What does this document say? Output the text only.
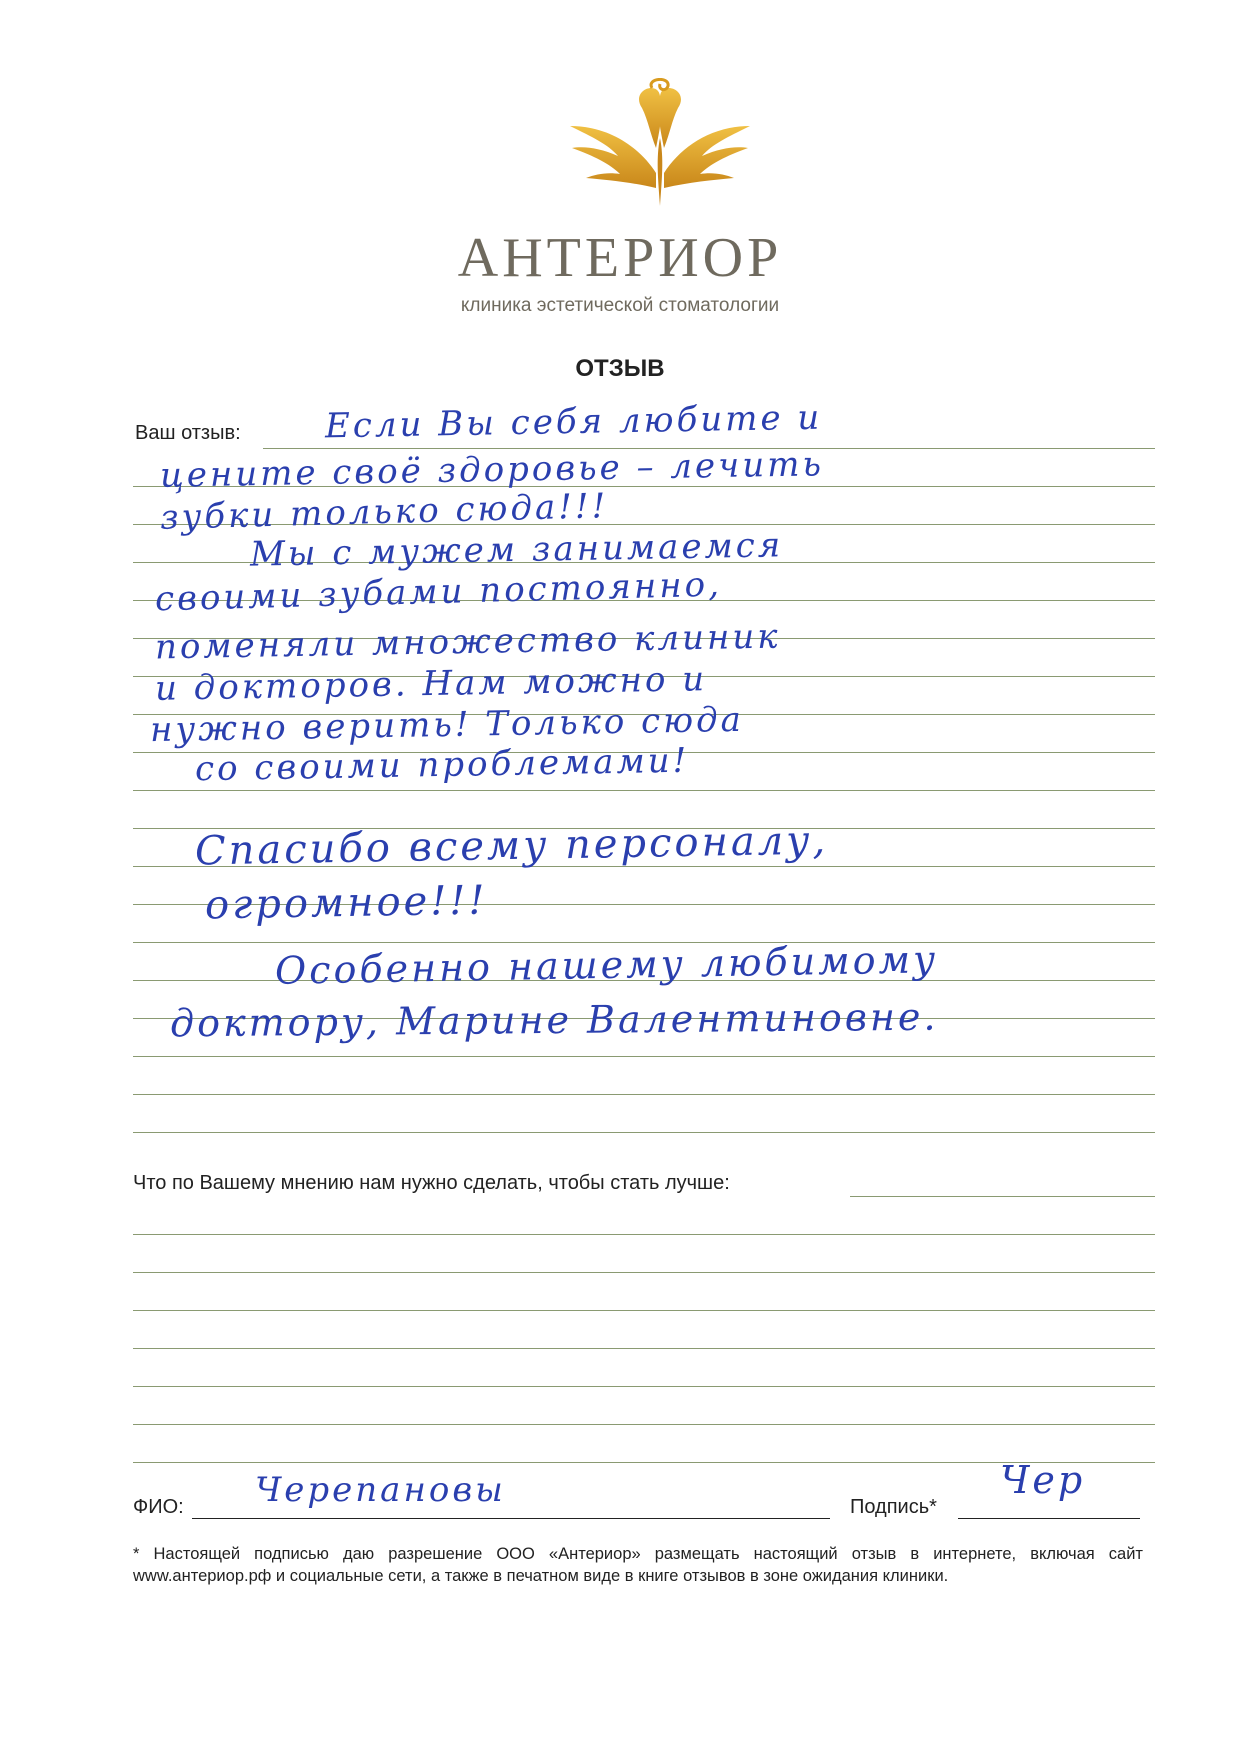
АНТЕРИОР
клиника эстетической стоматологии
ОТЗЫВ
Ваш отзыв:
Что по Вашему мнению нам нужно сделать, чтобы стать лучше:
ФИО:	Подпись*
Если Вы себя любите и
цените своё здоровье – лечить
зубки только сюда!!!
Мы с мужем занимаемся
своими зубами постоянно,
поменяли множество клиник
и докторов. Нам можно и
нужно верить! Только сюда
со своими проблемами!
Спасибо всему персоналу,
огромное!!!
Особенно нашему любимому
доктору, Марине Валентиновне.
Черепановы	Чер
* Настоящей подписью даю разрешение ООО «Антериор» размещать настоящий отзыв в интернете, включая сайт www.антериор.рф и социальные сети, а также в печатном виде в книге отзывов в зоне ожидания клиники.
